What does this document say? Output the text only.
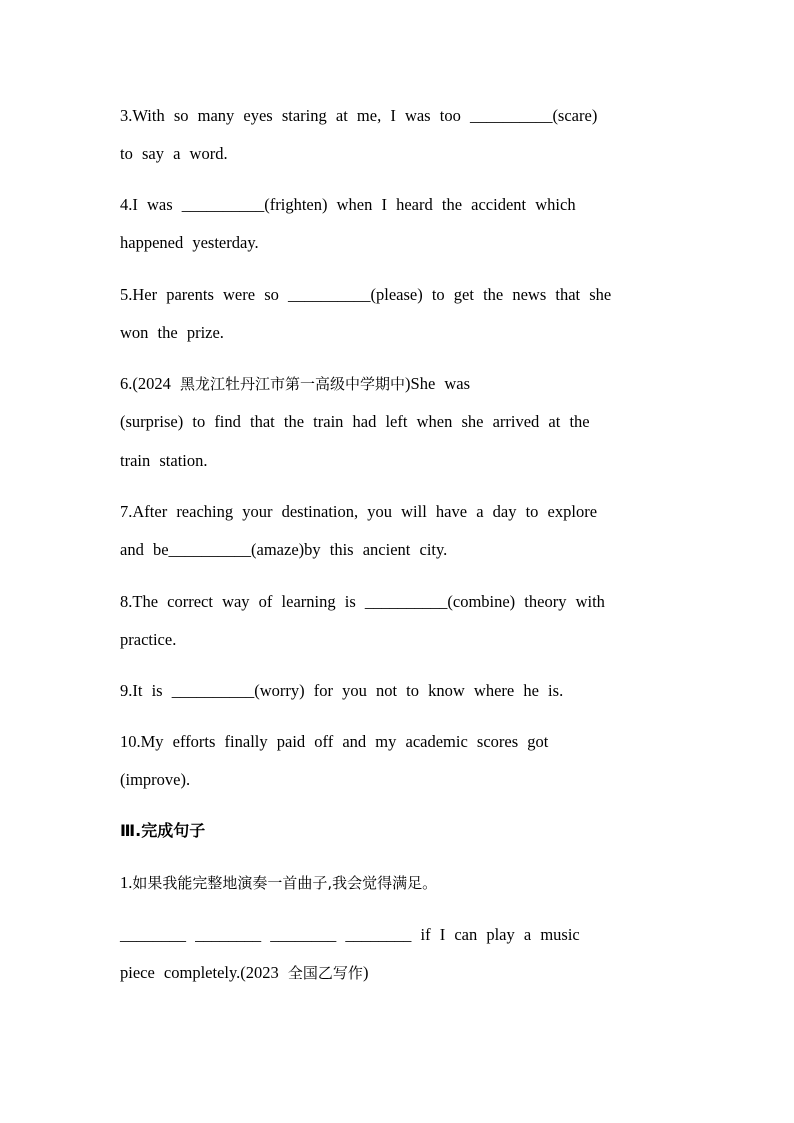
3.With so many eyes staring at me, I was too __________(scare)
to say a word.
4.I was __________(frighten) when I heard the accident which
happened yesterday.
5.Her parents were so __________(please) to get the news that she
won the prize.
6.(2024 黑龙江牡丹江市第一高级中学期中)She was
(surprise) to find that the train had left when she arrived at the
train station.
7.After reaching your destination, you will have a day to explore
and be__________(amaze)by this ancient city.
8.The correct way of learning is __________(combine) theory with
practice.
9.It is __________(worry) for you not to know where he is.
10.My efforts finally paid off and my academic scores got
(improve).
Ⅲ.完成句子
1.如果我能完整地演奏一首曲子,我会觉得满足。
________ ________ ________ ________ if I can play a music
piece completely.(2023 全国乙写作)
